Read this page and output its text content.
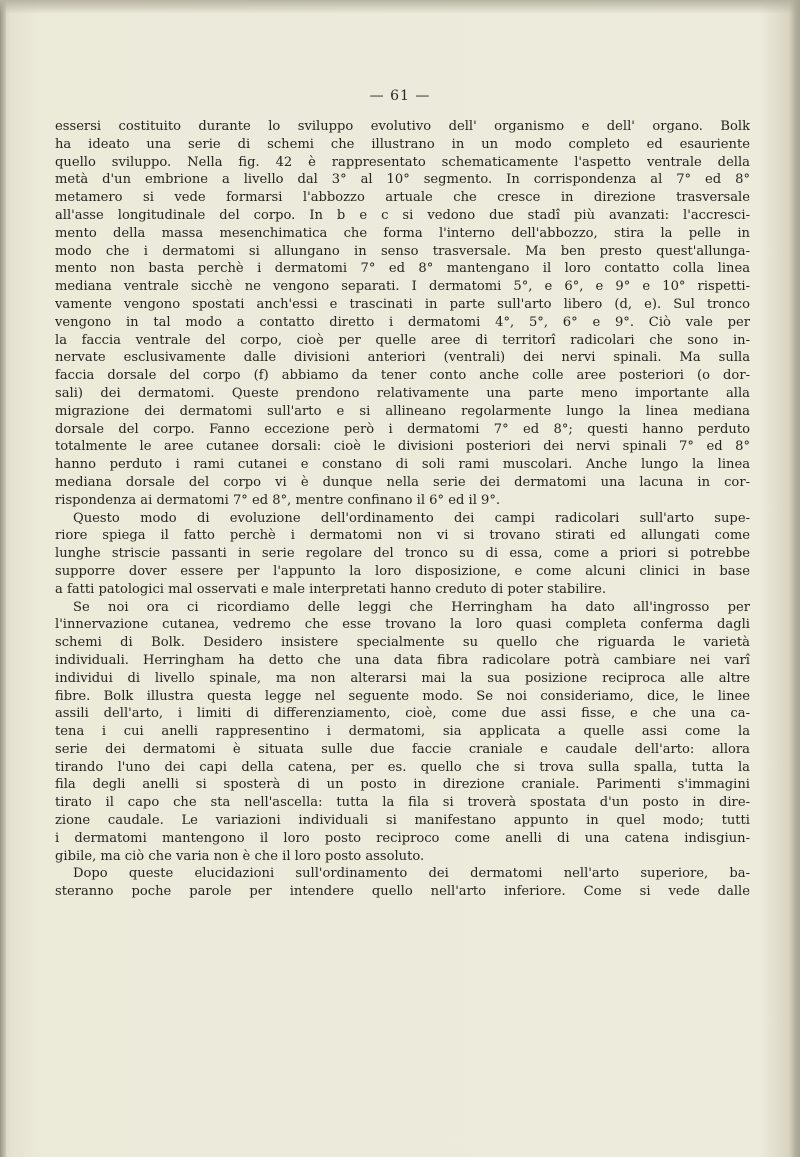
— 61 —
essersi costituito durante lo sviluppo evolutivo dell' organismo e dell' organo. Bolk
ha ideato una serie di schemi che illustrano in un modo completo ed esauriente
quello sviluppo. Nella fig. 42 è rappresentato schematicamente l'aspetto ventrale della
metà d'un embrione a livello dal 3° al 10° segmento. In corrispondenza al 7° ed 8°
metamero si vede formarsi l'abbozzo artuale che cresce in direzione trasversale
all'asse longitudinale del corpo. In b e c si vedono due stadî più avanzati: l'accresci-
mento della massa mesenchimatica che forma l'interno dell'abbozzo, stira la pelle in
modo che i dermatomi si allungano in senso trasversale. Ma ben presto quest'allunga-
mento non basta perchè i dermatomi 7° ed 8° mantengano il loro contatto colla linea
mediana ventrale sicchè ne vengono separati. I dermatomi 5°, e 6°, e 9° e 10° rispetti-
vamente vengono spostati anch'essi e trascinati in parte sull'arto libero (d, e). Sul tronco
vengono in tal modo a contatto diretto i dermatomi 4°, 5°, 6° e 9°. Ciò vale per
la faccia ventrale del corpo, cioè per quelle aree di territorî radicolari che sono in-
nervate esclusivamente dalle divisioni anteriori (ventrali) dei nervi spinali. Ma sulla
faccia dorsale del corpo (f) abbiamo da tener conto anche colle aree posteriori (o dor-
sali) dei dermatomi. Queste prendono relativamente una parte meno importante alla
migrazione dei dermatomi sull'arto e si allineano regolarmente lungo la linea mediana
dorsale del corpo. Fanno eccezione però i dermatomi 7° ed 8°; questi hanno perduto
totalmente le aree cutanee dorsali: cioè le divisioni posteriori dei nervi spinali 7° ed 8°
hanno perduto i rami cutanei e constano di soli rami muscolari. Anche lungo la linea
mediana dorsale del corpo vi è dunque nella serie dei dermatomi una lacuna in cor-
rispondenza ai dermatomi 7° ed 8°, mentre confinano il 6° ed il 9°.
Questo modo di evoluzione dell'ordinamento dei campi radicolari sull'arto supe-
riore spiega il fatto perchè i dermatomi non vi si trovano stirati ed allungati come
lunghe striscie passanti in serie regolare del tronco su di essa, come a priori si potrebbe
supporre dover essere per l'appunto la loro disposizione, e come alcuni clinici in base
a fatti patologici mal osservati e male interpretati hanno creduto di poter stabilire.
Se noi ora ci ricordiamo delle leggi che Herringham ha dato all'ingrosso per
l'innervazione cutanea, vedremo che esse trovano la loro quasi completa conferma dagli
schemi di Bolk. Desidero insistere specialmente su quello che riguarda le varietà
individuali. Herringham ha detto che una data fibra radicolare potrà cambiare nei varî
individui di livello spinale, ma non alterarsi mai la sua posizione reciproca alle altre
fibre. Bolk illustra questa legge nel seguente modo. Se noi consideriamo, dice, le linee
assili dell'arto, i limiti di differenziamento, cioè, come due assi fisse, e che una ca-
tena i cui anelli rappresentino i dermatomi, sia applicata a quelle assi come la
serie dei dermatomi è situata sulle due faccie craniale e caudale dell'arto: allora
tirando l'uno dei capi della catena, per es. quello che si trova sulla spalla, tutta la
fila degli anelli si sposterà di un posto in direzione craniale. Parimenti s'immagini
tirato il capo che sta nell'ascella: tutta la fila si troverà spostata d'un posto in dire-
zione caudale. Le variazioni individuali si manifestano appunto in quel modo; tutti
i dermatomi mantengono il loro posto reciproco come anelli di una catena indisgiun-
gibile, ma ciò che varia non è che il loro posto assoluto.
Dopo queste elucidazioni sull'ordinamento dei dermatomi nell'arto superiore, ba-
steranno poche parole per intendere quello nell'arto inferiore. Come si vede dalle
